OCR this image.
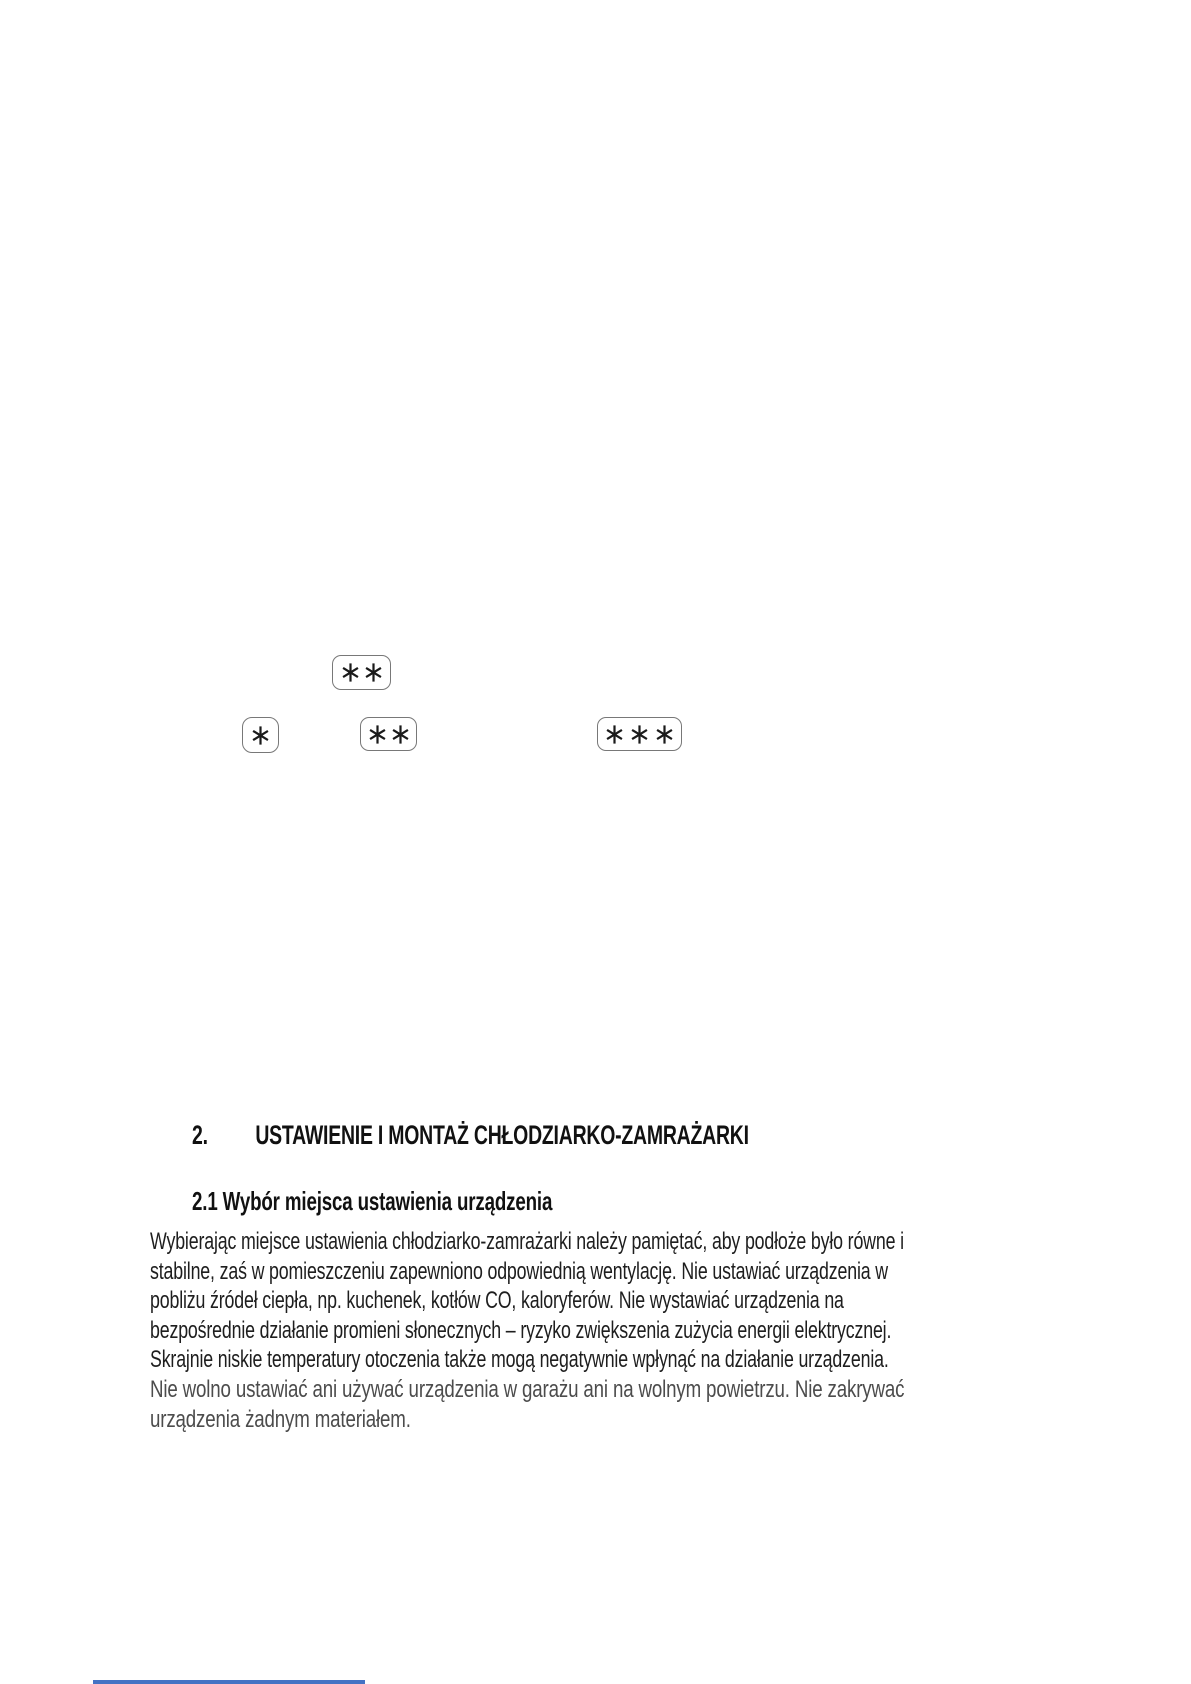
2.	USTAWIENIE I MONTAŻ CHŁODZIARKO-ZAMRAŻARKI
2.1 Wybór miejsca ustawienia urządzenia
Wybierając miejsce ustawienia chłodziarko-zamrażarki należy pamiętać, aby podłoże było równe i
stabilne, zaś w pomieszczeniu zapewniono odpowiednią wentylację. Nie ustawiać urządzenia w
pobliżu źródeł ciepła, np. kuchenek, kotłów CO, kaloryferów. Nie wystawiać urządzenia na
bezpośrednie działanie promieni słonecznych – ryzyko zwiększenia zużycia energii elektrycznej.
Skrajnie niskie temperatury otoczenia także mogą negatywnie wpłynąć na działanie urządzenia.
Nie wolno ustawiać ani używać urządzenia w garażu ani na wolnym powietrzu. Nie zakrywać
urządzenia żadnym materiałem.
